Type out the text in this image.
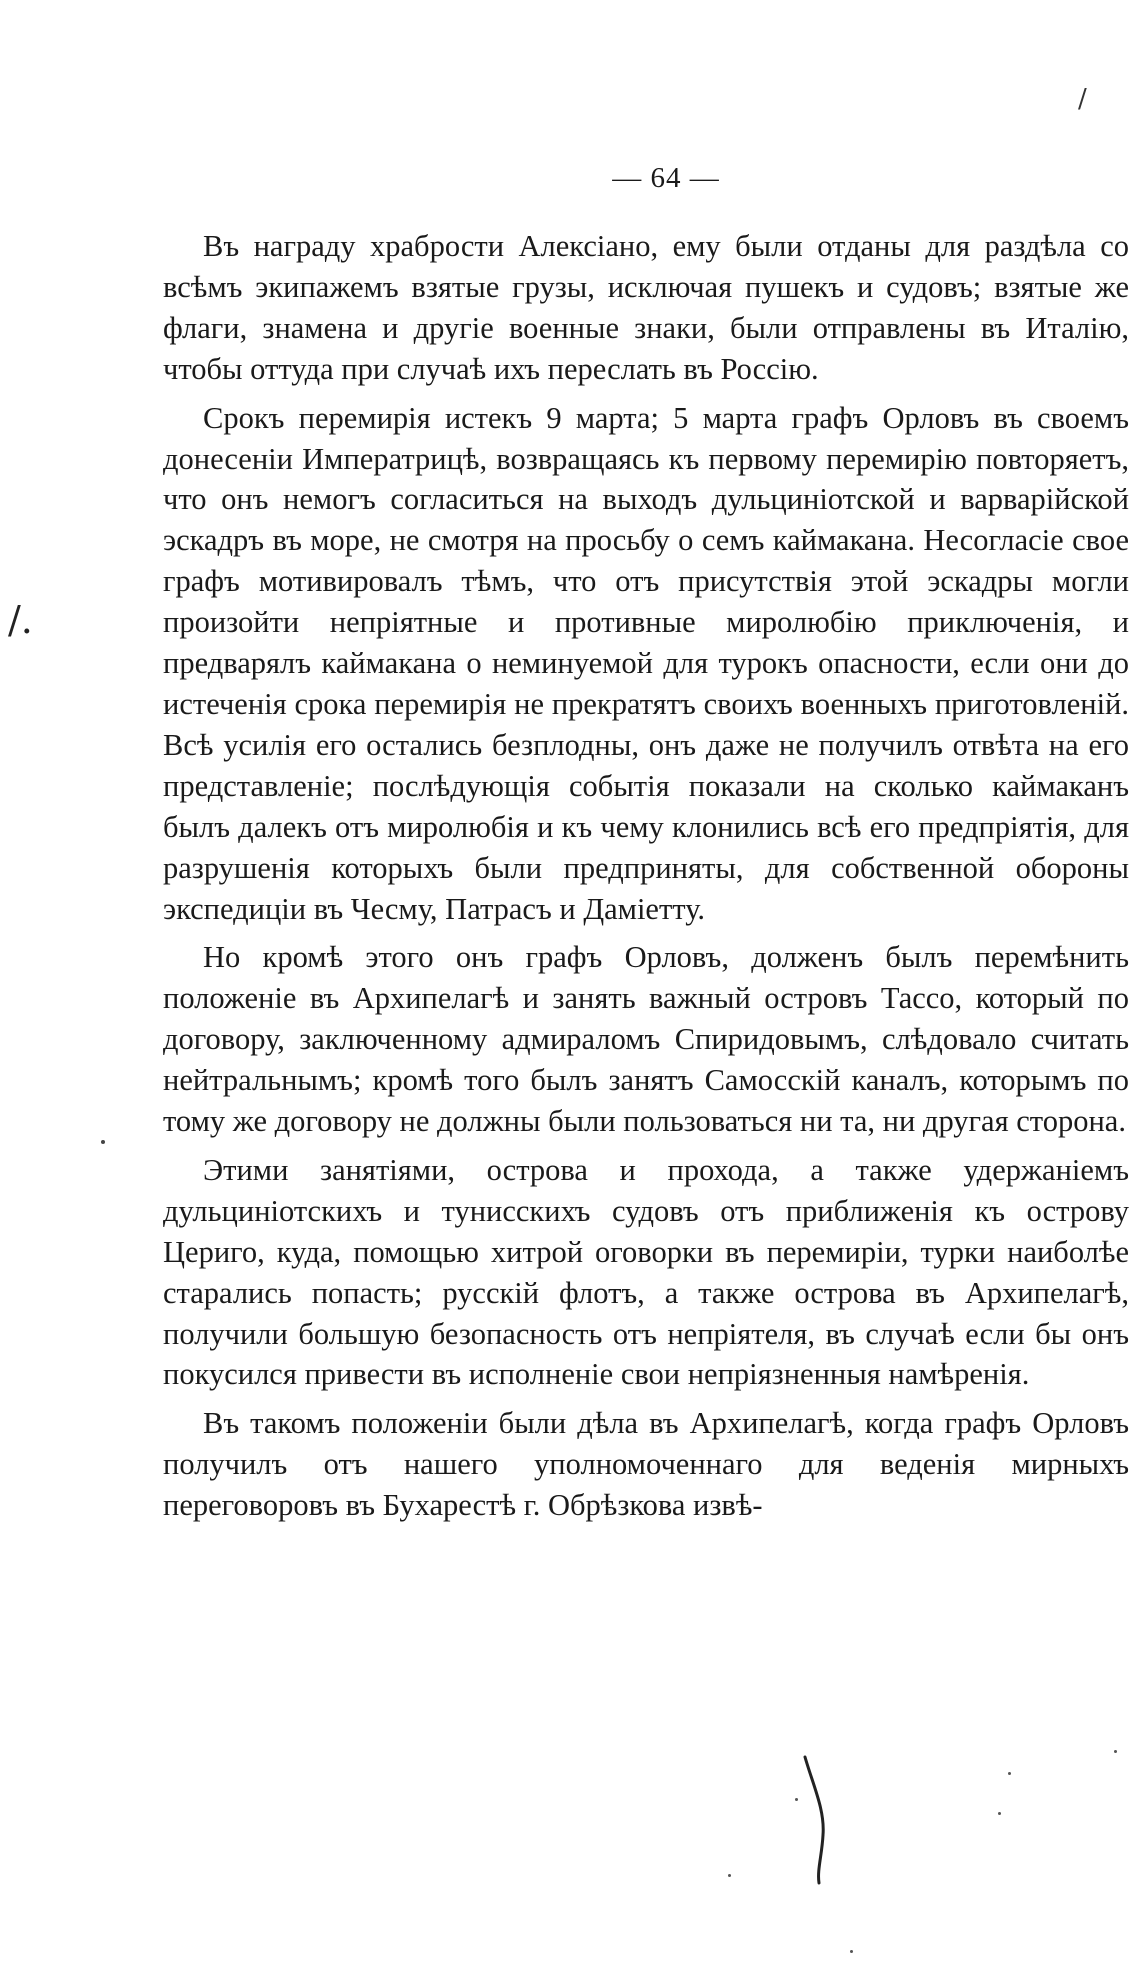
/
/.
— 64 —

Въ награду храбрости Алексіано, ему были отданы для раздѣла со всѣмъ экипажемъ взятые грузы, исключая пушекъ и судовъ; взятые же флаги, знамена и другіе военные знаки, были отправлены въ Италію, чтобы оттуда при случаѣ ихъ переслать въ Россію.

Срокъ перемирія истекъ 9 марта; 5 марта графъ Орловъ въ своемъ донесеніи Императрицѣ, возвращаясь къ первому перемирію повторяетъ, что онъ немогъ согласиться на выходъ дульциніотской и варварійской эскадръ въ море, не смотря на просьбу о семъ каймакана. Несогласіе свое графъ мотивировалъ тѣмъ, что отъ присутствія этой эскадры могли произойти непріятные и противные миролюбію приключенія, и предварялъ каймакана о неминуемой для турокъ опасности, если они до истеченія срока перемирія не прекратятъ своихъ военныхъ приготовленій. Всѣ усилія его остались безплодны, онъ даже не получилъ отвѣта на его представленіе; послѣдующія событія показали на сколько каймаканъ былъ далекъ отъ миролюбія и къ чему клонились всѣ его предпріятія, для разрушенія которыхъ были предприняты, для собственной обороны экспедиціи въ Чесму, Патрасъ и Даміетту.

Но кромѣ этого онъ графъ Орловъ, долженъ былъ перемѣнить положеніе въ Архипелагѣ и занять важный островъ Тассо, который по договору, заключенному адмираломъ Спиридовымъ, слѣдовало считать нейтральнымъ; кромѣ того былъ занятъ Самосскій каналъ, которымъ по тому же договору не должны были пользоваться ни та, ни другая сторона.

Этими занятіями, острова и прохода, а также удержаніемъ дульциніотскихъ и тунисскихъ судовъ отъ приближенія къ острову Цериго, куда, помощью хитрой оговорки въ перемиріи, турки наиболѣе старались попасть; русскій флотъ, а также острова въ Архипелагѣ, получили большую безопасность отъ непріятеля, въ случаѣ если бы онъ покусился привести въ исполненіе свои непріязненныя намѣренія.

Въ такомъ положеніи были дѣла въ Архипелагѣ, когда графъ Орловъ получилъ отъ нашего уполномоченнаго для веденія мирныхъ переговоровъ въ Бухарестѣ г. Обрѣзкова извѣ-
